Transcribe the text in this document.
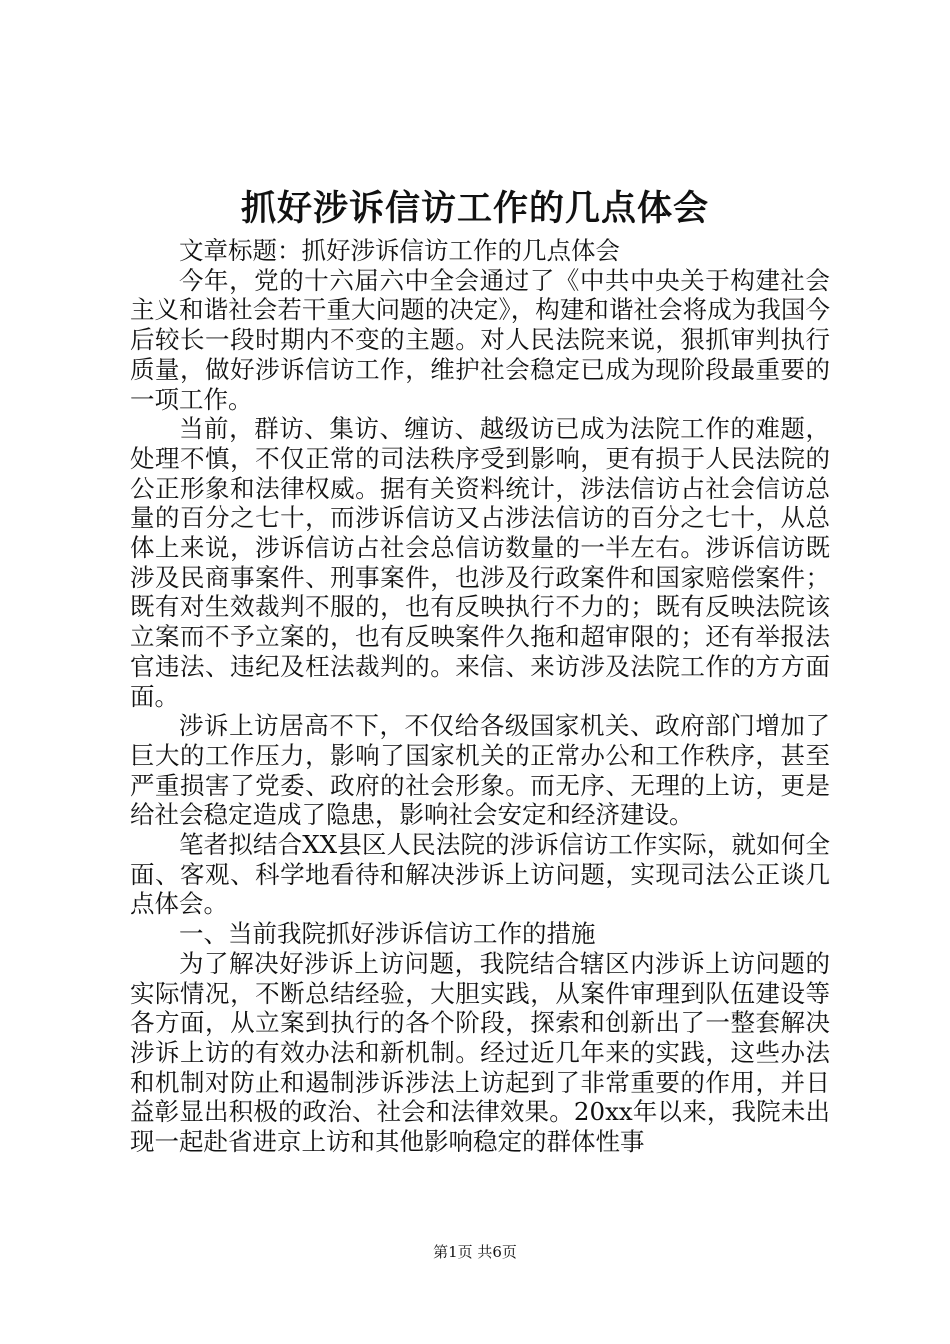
抓好涉诉信访工作的几点体会

文章标题：抓好涉诉信访工作的几点体会

今年，党的十六届六中全会通过了《中共中央关于构建社会主义和谐社会若干重大问题的决定》，构建和谐社会将成为我国今后较长一段时期内不变的主题。对人民法院来说，狠抓审判执行质量，做好涉诉信访工作，维护社会稳定已成为现阶段最重要的一项工作。

当前，群访、集访、缠访、越级访已成为法院工作的难题，处理不慎，不仅正常的司法秩序受到影响，更有损于人民法院的公正形象和法律权威。据有关资料统计，涉法信访占社会信访总量的百分之七十，而涉诉信访又占涉法信访的百分之七十，从总体上来说，涉诉信访占社会总信访数量的一半左右。涉诉信访既涉及民商事案件、刑事案件，也涉及行政案件和国家赔偿案件；既有对生效裁判不服的，也有反映执行不力的；既有反映法院该立案而不予立案的，也有反映案件久拖和超审限的；还有举报法官违法、违纪及枉法裁判的。来信、来访涉及法院工作的方方面面。

涉诉上访居高不下，不仅给各级国家机关、政府部门增加了巨大的工作压力，影响了国家机关的正常办公和工作秩序，甚至严重损害了党委、政府的社会形象。而无序、无理的上访，更是给社会稳定造成了隐患，影响社会安定和经济建设。

笔者拟结合XX县区人民法院的涉诉信访工作实际，就如何全面、客观、科学地看待和解决涉诉上访问题，实现司法公正谈几点体会。

一、当前我院抓好涉诉信访工作的措施

为了解决好涉诉上访问题，我院结合辖区内涉诉上访问题的实际情况，不断总结经验，大胆实践，从案件审理到队伍建设等各方面，从立案到执行的各个阶段，探索和创新出了一整套解决涉诉上访的有效办法和新机制。经过近几年来的实践，这些办法和机制对防止和遏制涉诉涉法上访起到了非常重要的作用，并日益彰显出积极的政治、社会和法律效果。20xx年以来，我院未出现一起赴省进京上访和其他影响稳定的群体性事

第1页 共6页
